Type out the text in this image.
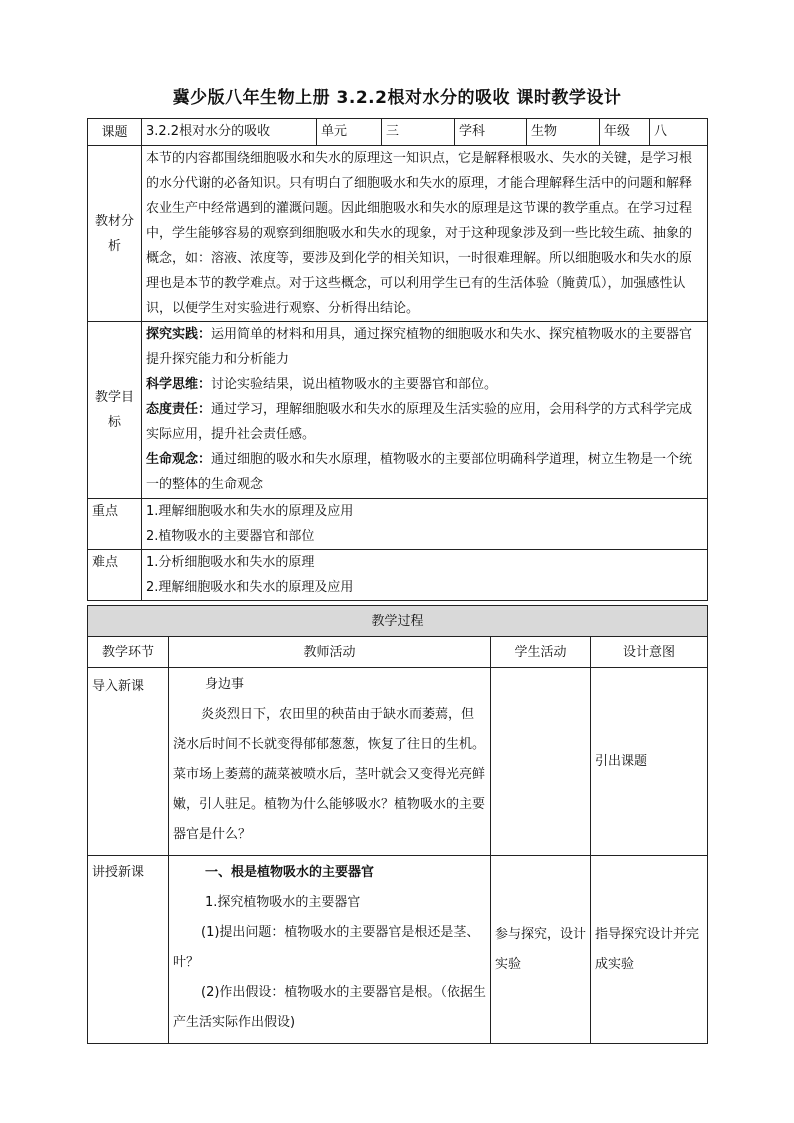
冀少版八年生物上册 3.2.2根对水分的吸收 课时教学设计
课题	3.2.2根对水分的吸收	单元	三	学科	生物	年级	八
教材分析	本节的内容都围绕细胞吸水和失水的原理这一知识点，它是解释根吸水、失水的关键，是学习根的水分代谢的必备知识。只有明白了细胞吸水和失水的原理，才能合理解释生活中的问题和解释农业生产中经常遇到的灌溉问题。因此细胞吸水和失水的原理是这节课的教学重点。在学习过程中，学生能够容易的观察到细胞吸水和失水的现象，对于这种现象涉及到一些比较生疏、抽象的概念，如：溶液、浓度等，要涉及到化学的相关知识，一时很难理解。所以细胞吸水和失水的原理也是本节的教学难点。对于这些概念，可以利用学生已有的生活体验（腌黄瓜），加强感性认识，以便学生对实验进行观察、分析得出结论。						
教学目标	探究实践：运用简单的材料和用具，通过探究植物的细胞吸水和失水、探究植物吸水的主要器官提升探究能力和分析能力
科学思维：讨论实验结果，说出植物吸水的主要器官和部位。
态度责任：通过学习，理解细胞吸水和失水的原理及生活实验的应用，会用科学的方式科学完成实际应用，提升社会责任感。
生命观念：通过细胞的吸水和失水原理，植物吸水的主要部位明确科学道理，树立生物是一个统一的整体的生命观念						

重点	1.理解细胞吸水和失水的原理及应用
2.植物吸水的主要器官和部位						

难点	1.分析细胞吸水和失水的原理
2.理解细胞吸水和失水的原理及应用						
教学过程			
教学环节	教师活动	学生活动	设计意图
导入新课	身边事
炎炎烈日下，农田里的秧苗由于缺水而萎蔫，但浇水后时间不长就变得郁郁葱葱，恢复了往日的生机。菜市场上萎蔫的蔬菜被喷水后，茎叶就会又变得光亮鲜嫩，引人驻足。植物为什么能够吸水？植物吸水的主要器官是什么？		引出课题
讲授新课	一、根是植物吸水的主要器官
1.探究植物吸水的主要器官
(1)提出问题：植物吸水的主要器官是根还是茎、叶？
(2)作出假设：植物吸水的主要器官是根。（依据生产生活实际作出假设)	参与探究，设计实验	指导探究设计并完成实验
